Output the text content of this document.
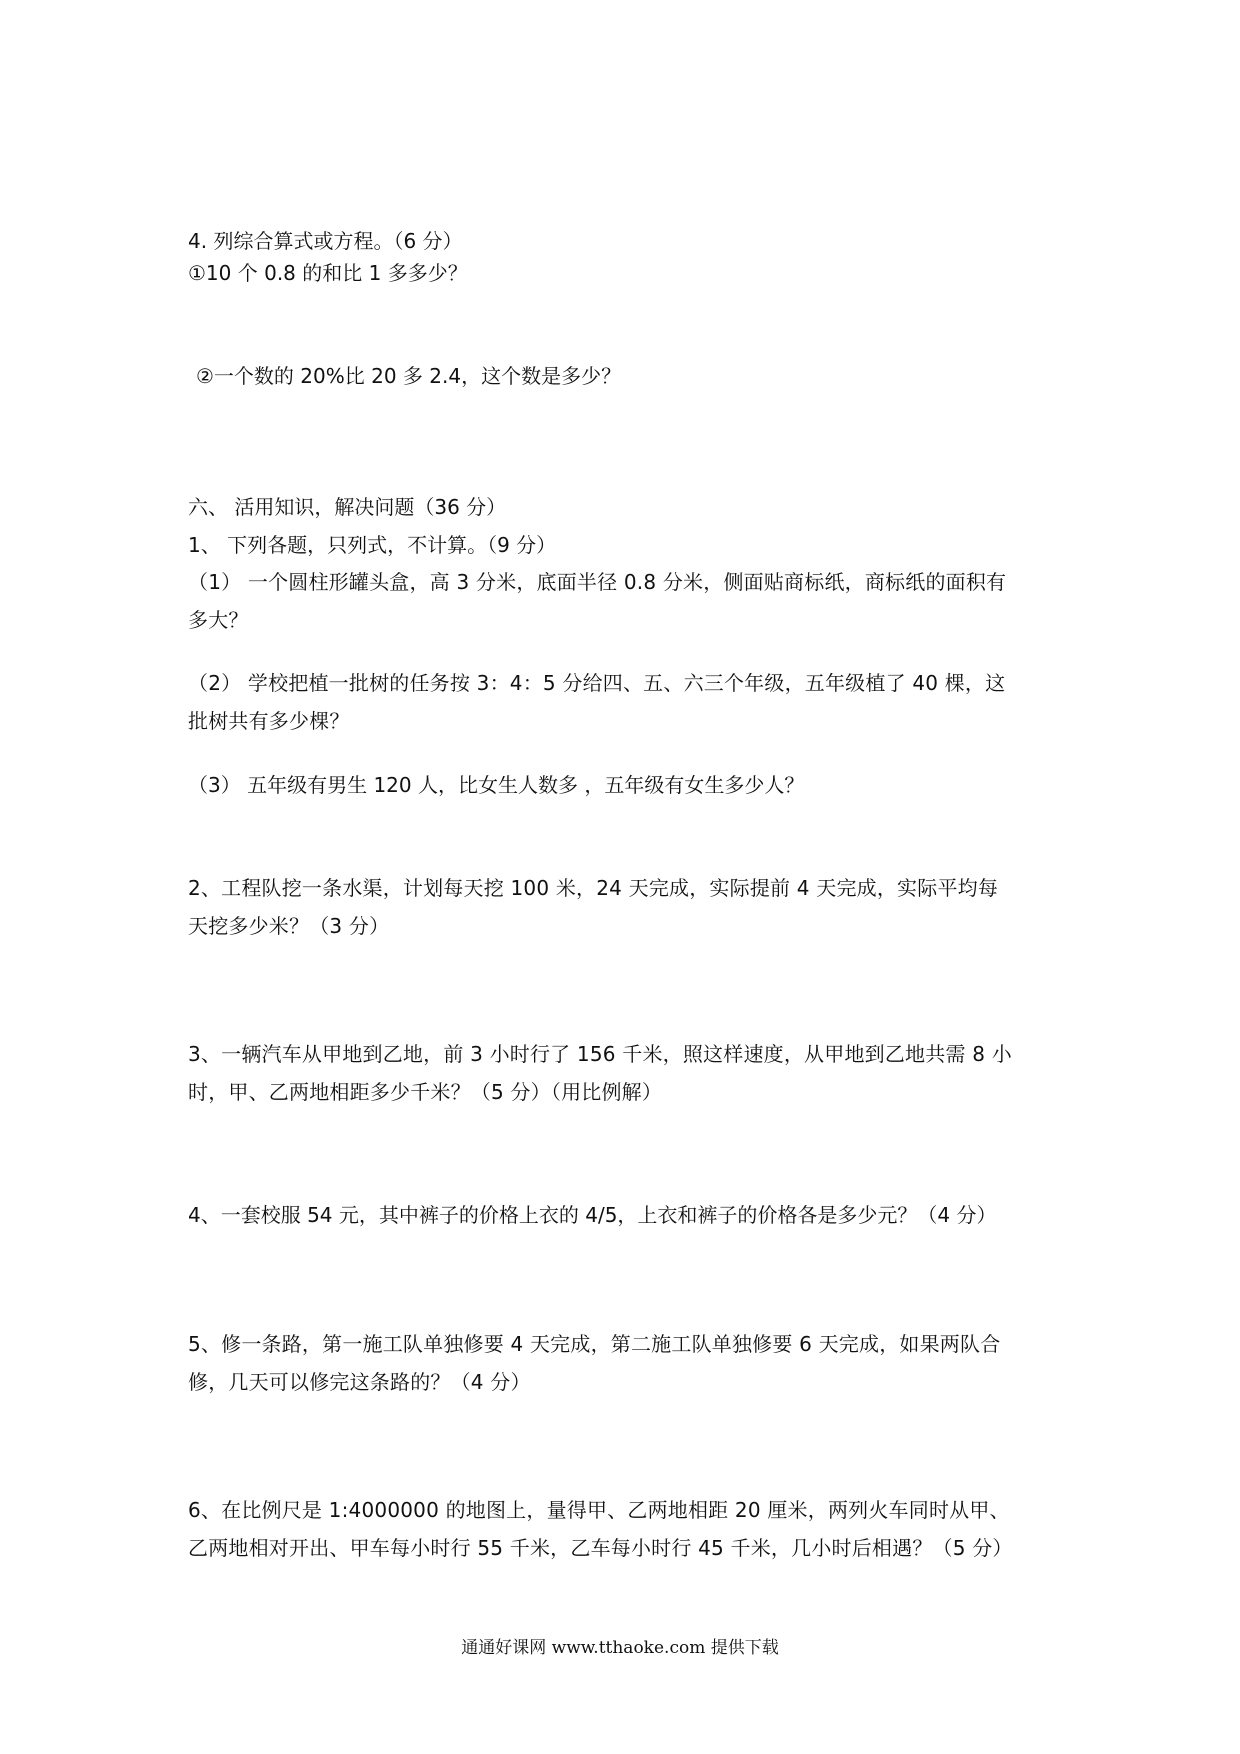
4. 列综合算式或方程。（6 分）
①10 个 0.8 的和比 1 多多少？
②一个数的 20%比 20 多 2.4，这个数是多少？
六、 活用知识，解决问题（36 分）
1、 下列各题，只列式，不计算。（9 分）
（1） 一个圆柱形罐头盒，高 3 分米，底面半径 0.8 分米，侧面贴商标纸，商标纸的面积有
多大？
（2） 学校把植一批树的任务按 3：4：5 分给四、五、六三个年级，五年级植了 40 棵，这
批树共有多少棵？
（3） 五年级有男生 120 人，比女生人数多 ，五年级有女生多少人？
2、工程队挖一条水渠，计划每天挖 100 米，24 天完成，实际提前 4 天完成，实际平均每
天挖多少米？（3 分）
3、一辆汽车从甲地到乙地，前 3 小时行了 156 千米，照这样速度，从甲地到乙地共需 8 小
时，甲、乙两地相距多少千米？（5 分）（用比例解）
4、一套校服 54 元，其中裤子的价格上衣的 4/5，上衣和裤子的价格各是多少元？（4 分）
5、修一条路，第一施工队单独修要 4 天完成，第二施工队单独修要 6 天完成，如果两队合
修，几天可以修完这条路的？（4 分）
6、在比例尺是 1:4000000 的地图上，量得甲、乙两地相距 20 厘米，两列火车同时从甲、
乙两地相对开出、甲车每小时行 55 千米，乙车每小时行 45 千米，几小时后相遇？（5 分）
通通好课网 www.tthaoke.com 提供下载
